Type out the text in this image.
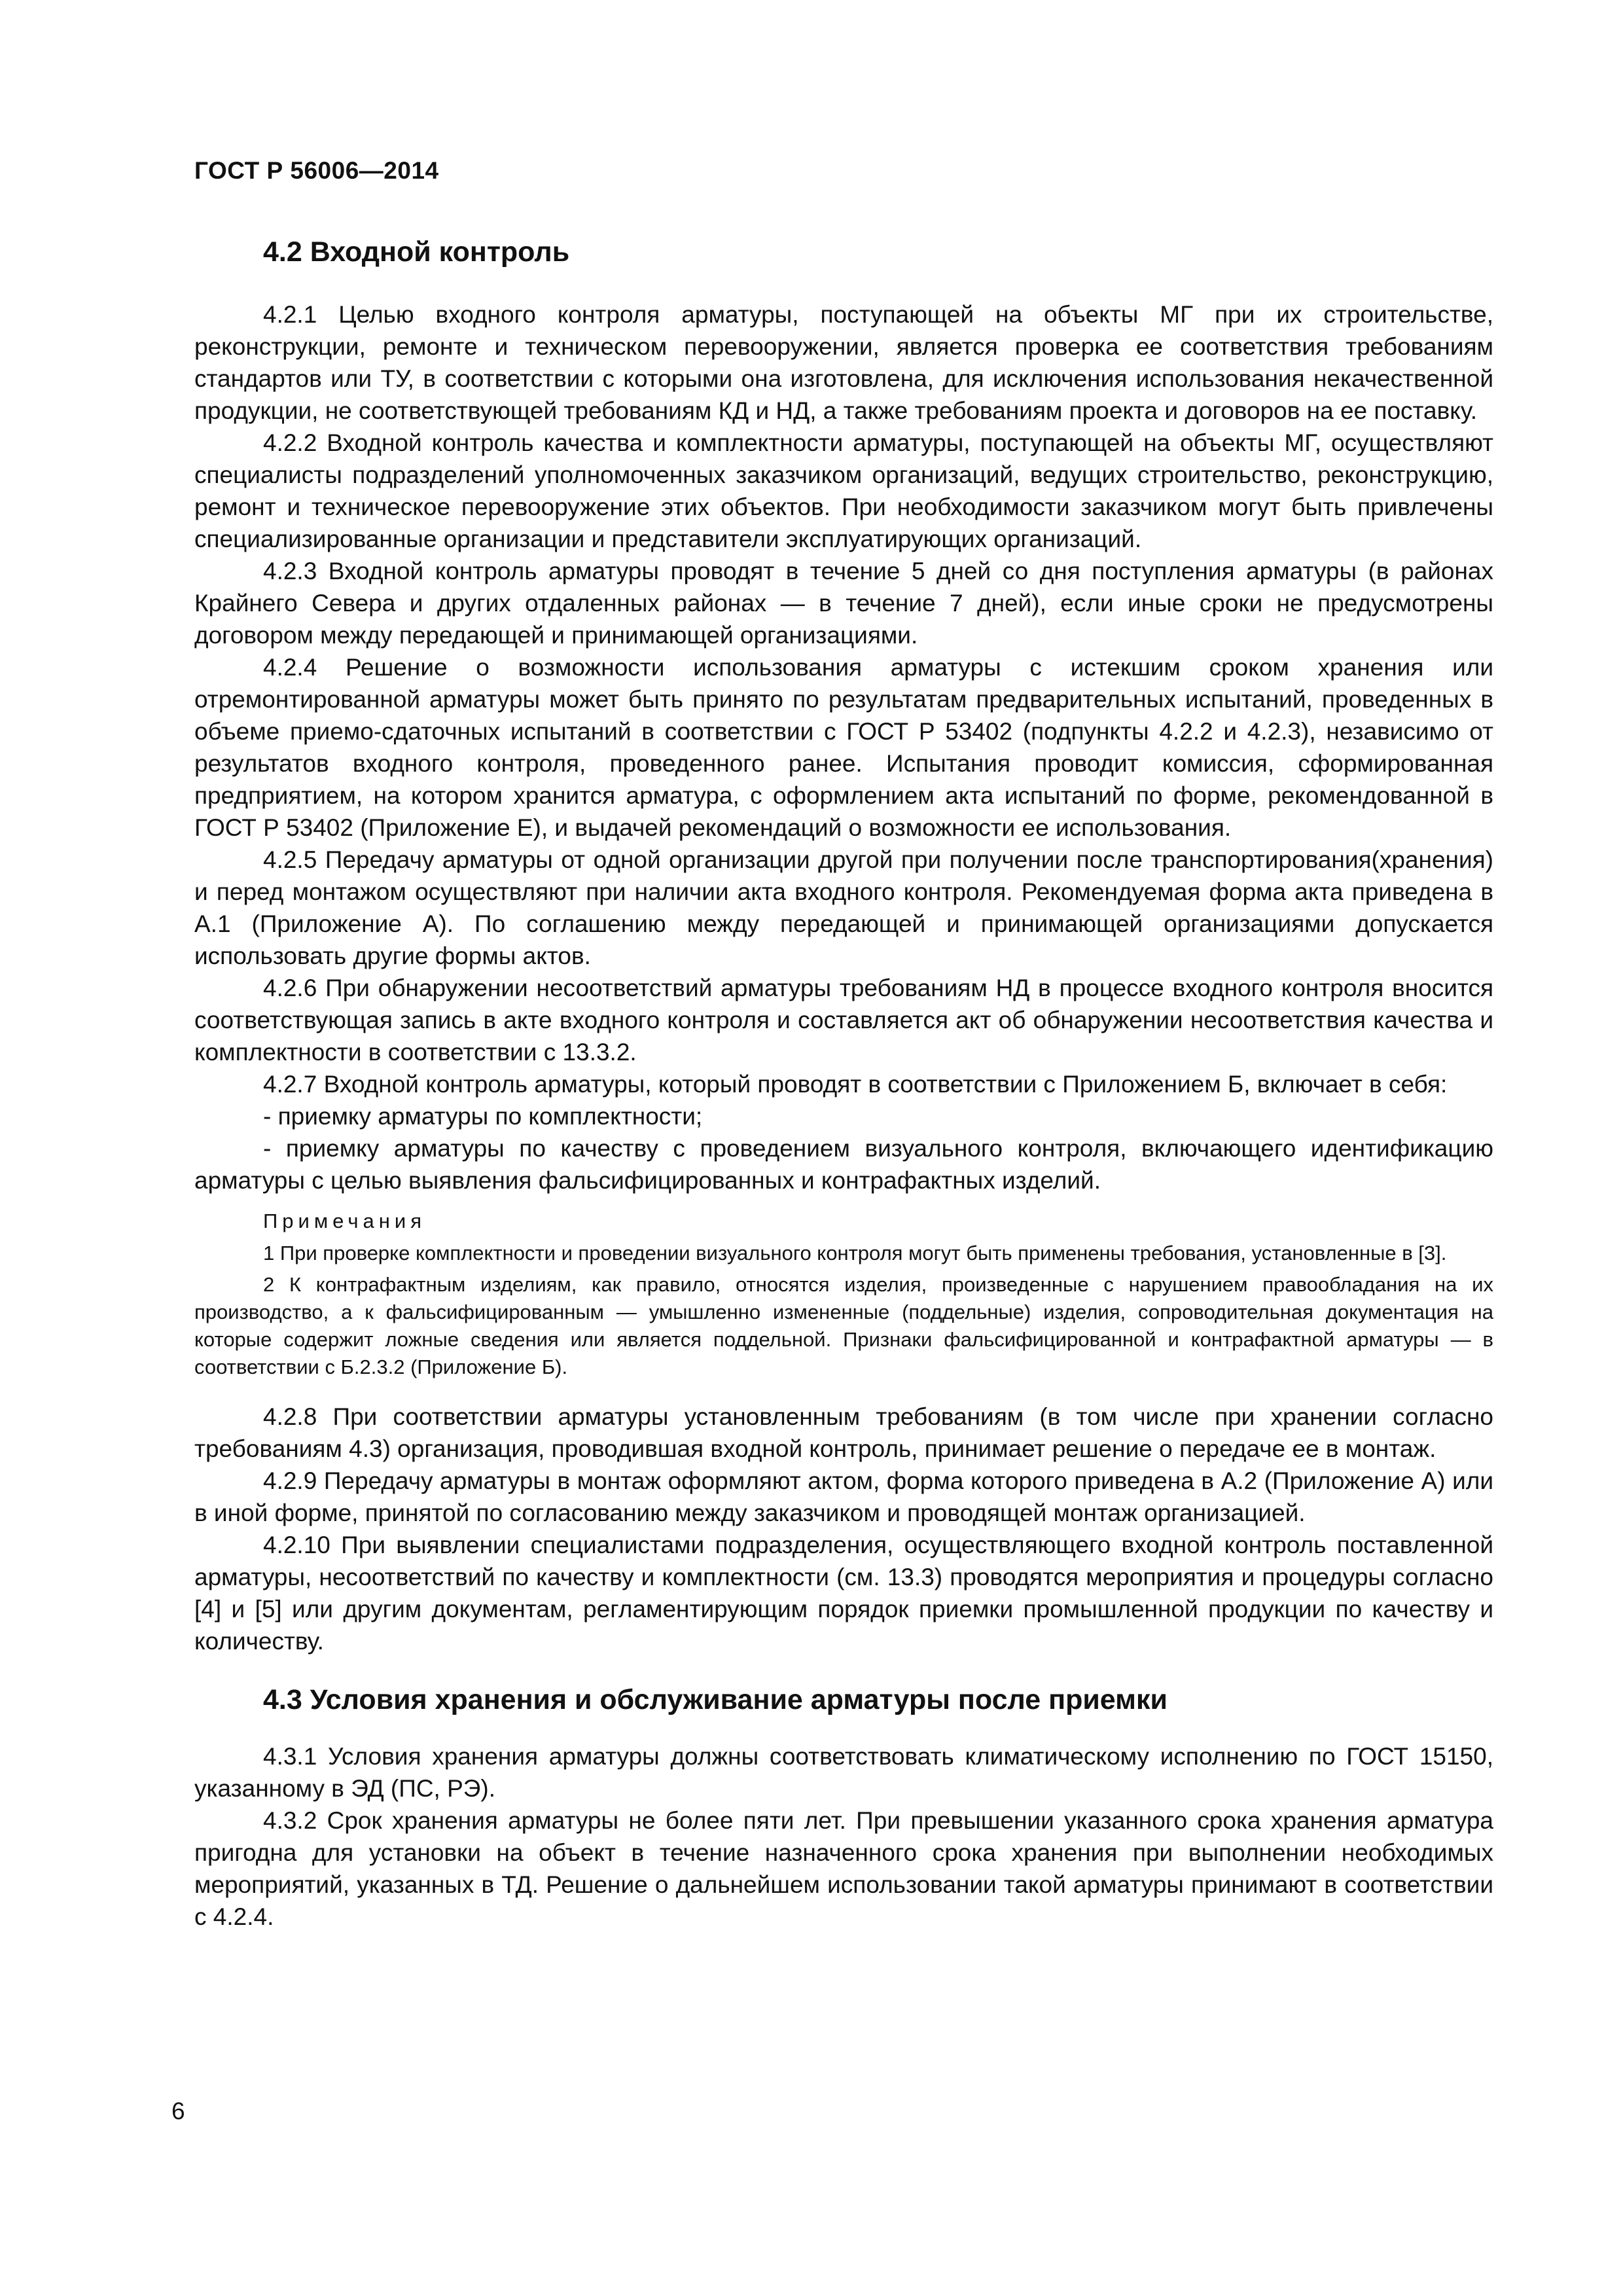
ГОСТ Р 56006—2014
4.2 Входной контроль

4.2.1 Целью входного контроля арматуры, поступающей на объекты МГ при их строительстве, реконструкции, ремонте и техническом перевооружении, является проверка ее соответствия требованиям стандартов или ТУ, в соответствии с которыми она изготовлена, для исключения использования некачественной продукции, не соответствующей требованиям КД и НД, а также требованиям проекта и договоров на ее поставку.

4.2.2 Входной контроль качества и комплектности арматуры, поступающей на объекты МГ, осуществляют специалисты подразделений уполномоченных заказчиком организаций, ведущих строительство, реконструкцию, ремонт и техническое перевооружение этих объектов. При необходимости заказчиком могут быть привлечены специализированные организации и представители эксплуатирующих организаций.

4.2.3 Входной контроль арматуры проводят в течение 5 дней со дня поступления арматуры (в районах Крайнего Севера и других отдаленных районах — в течение 7 дней), если иные сроки не предусмотрены договором между передающей и принимающей организациями.

4.2.4 Решение о возможности использования арматуры с истекшим сроком хранения или отремонтированной арматуры может быть принято по результатам предварительных испытаний, проведенных в объеме приемо-сдаточных испытаний в соответствии с ГОСТ Р 53402 (подпункты 4.2.2 и 4.2.3), независимо от результатов входного контроля, проведенного ранее. Испытания проводит комиссия, сформированная предприятием, на котором хранится арматура, с оформлением акта испытаний по форме, рекомендованной в ГОСТ Р 53402 (Приложение Е), и выдачей рекомендаций о возможности ее использования.

4.2.5 Передачу арматуры от одной организации другой при получении после транспортирования(хранения) и перед монтажом осуществляют при наличии акта входного контроля. Рекомендуемая форма акта приведена в А.1 (Приложение А). По соглашению между передающей и принимающей организациями допускается использовать другие формы актов.

4.2.6 При обнаружении несоответствий арматуры требованиям НД в процессе входного контроля вносится соответствующая запись в акте входного контроля и составляется акт об обнаружении несоответствия качества и комплектности в соответствии с 13.3.2.

4.2.7 Входной контроль арматуры, который проводят в соответствии с Приложением Б, включает в себя:

- приемку арматуры по комплектности;

- приемку арматуры по качеству с проведением визуального контроля, включающего идентификацию арматуры с целью выявления фальсифицированных и контрафактных изделий.

Примечания

1 При проверке комплектности и проведении визуального контроля могут быть применены требования, установленные в [3].

2 К контрафактным изделиям, как правило, относятся изделия, произведенные с нарушением правообладания на их производство, а к фальсифицированным — умышленно измененные (поддельные) изделия, сопроводительная документация на которые содержит ложные сведения или является поддельной. Признаки фальсифицированной и контрафактной арматуры — в соответствии с Б.2.3.2 (Приложение Б).

4.2.8 При соответствии арматуры установленным требованиям (в том числе при хранении согласно требованиям 4.3) организация, проводившая входной контроль, принимает решение о передаче ее в монтаж.

4.2.9 Передачу арматуры в монтаж оформляют актом, форма которого приведена в А.2 (Приложение А) или в иной форме, принятой по согласованию между заказчиком и проводящей монтаж организацией.

4.2.10 При выявлении специалистами подразделения, осуществляющего входной контроль поставленной арматуры, несоответствий по качеству и комплектности (см. 13.3) проводятся мероприятия и процедуры согласно [4] и [5] или другим документам, регламентирующим порядок приемки промышленной продукции по качеству и количеству.

4.3 Условия хранения и обслуживание арматуры после приемки

4.3.1 Условия хранения арматуры должны соответствовать климатическому исполнению по ГОСТ 15150, указанному в ЭД (ПС, РЭ).

4.3.2 Срок хранения арматуры не более пяти лет. При превышении указанного срока хранения арматура пригодна для установки на объект в течение назначенного срока хранения при выполнении необходимых мероприятий, указанных в ТД. Решение о дальнейшем использовании такой арматуры принимают в соответствии с 4.2.4.

6
